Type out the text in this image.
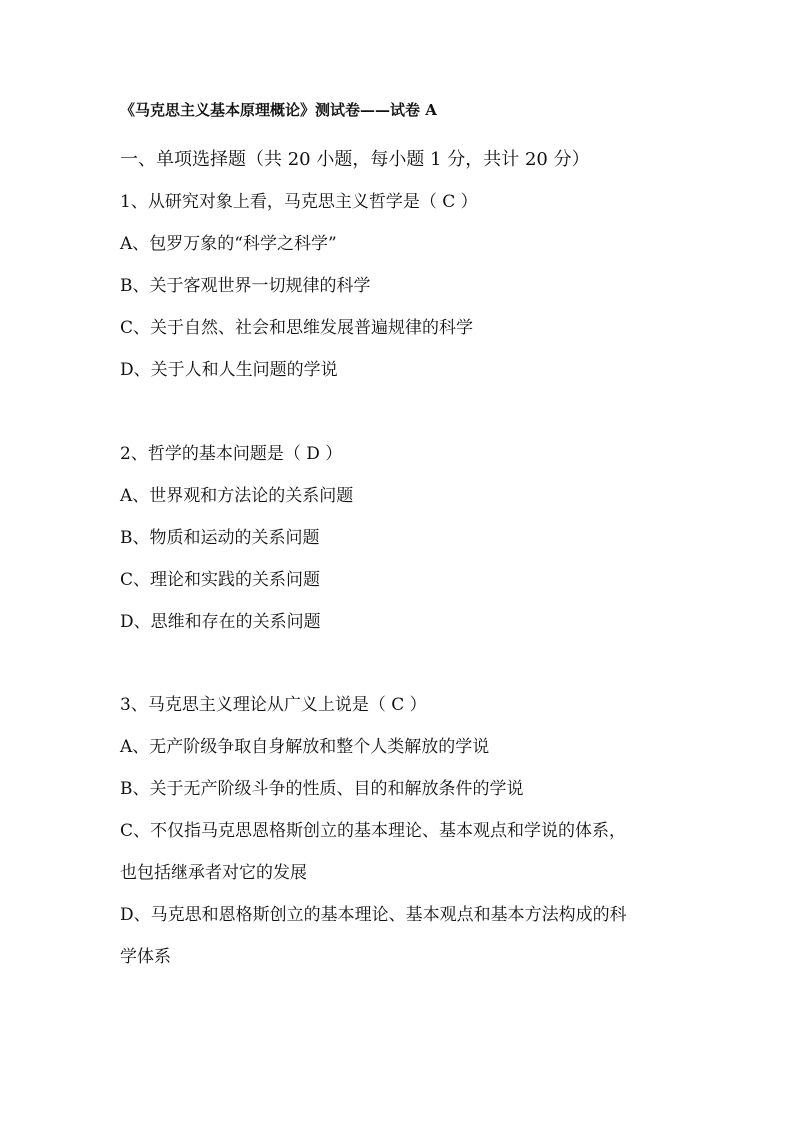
《马克思主义基本原理概论》测试卷——试卷 A
一、单项选择题（共 20 小题，每小题 1 分，共计 20 分）
1、从研究对象上看，马克思主义哲学是（ C ）
A、包罗万象的“科学之科学”
B、关于客观世界一切规律的科学
C、关于自然、社会和思维发展普遍规律的科学
D、关于人和人生问题的学说
2、哲学的基本问题是（ D ）
A、世界观和方法论的关系问题
B、物质和运动的关系问题
C、理论和实践的关系问题
D、思维和存在的关系问题
3、马克思主义理论从广义上说是（ C ）
A、无产阶级争取自身解放和整个人类解放的学说
B、关于无产阶级斗争的性质、目的和解放条件的学说
C、不仅指马克思恩格斯创立的基本理论、基本观点和学说的体系，
也包括继承者对它的发展
D、马克思和恩格斯创立的基本理论、基本观点和基本方法构成的科
学体系
